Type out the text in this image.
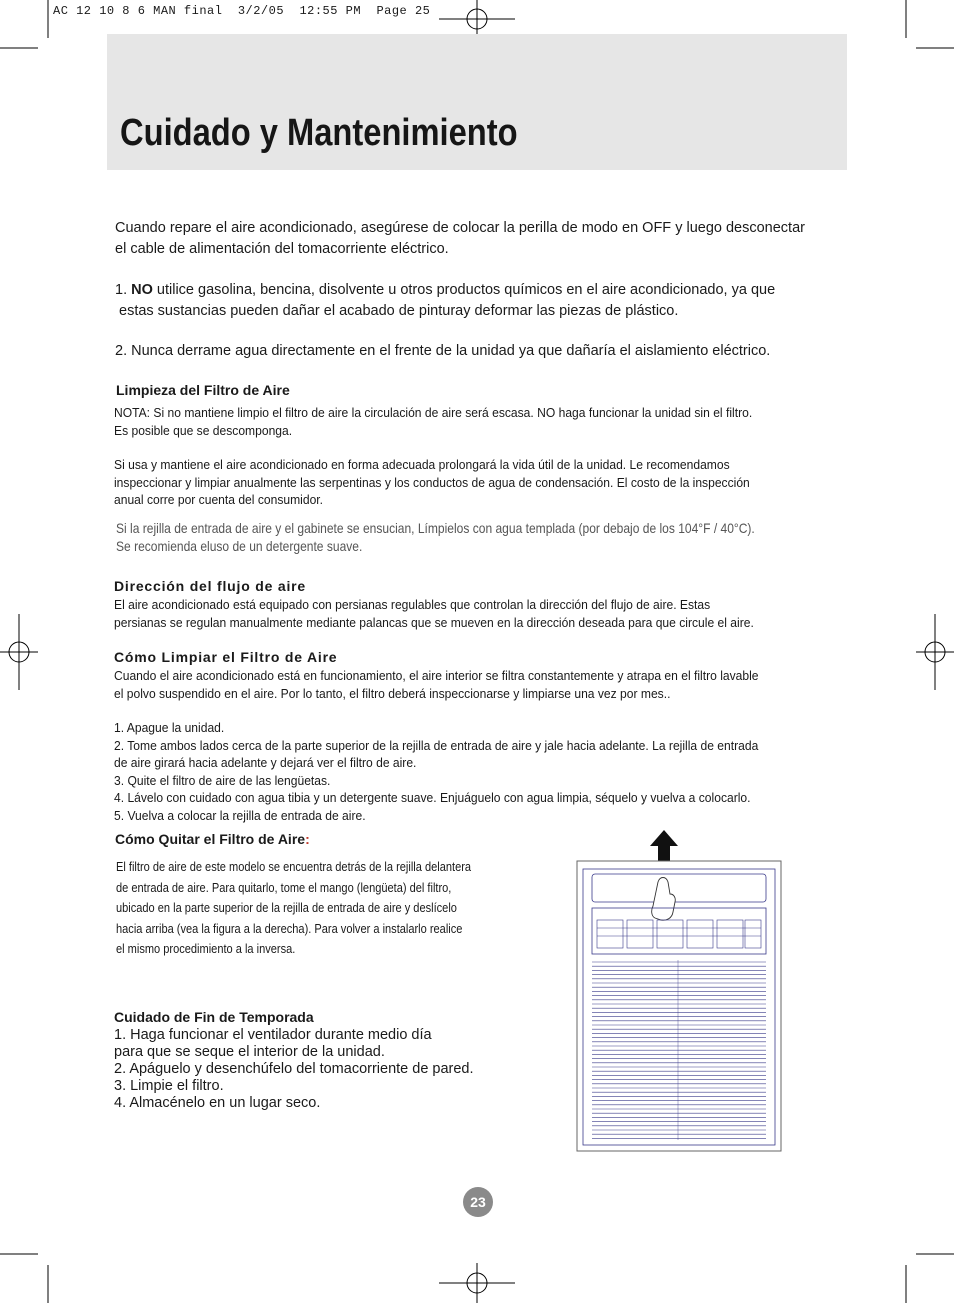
AC 12 10 8 6 MAN final  3/2/05  12:55 PM  Page 25
Cuidado y Mantenimiento
Cuando repare el aire acondicionado, asegúrese de colocar la perilla de modo en OFF y luego desconectar
el cable de alimentación del tomacorriente eléctrico.
1. NO utilice gasolina, bencina, disolvente u otros productos químicos en el aire acondicionado, ya que
estas sustancias pueden dañar el acabado de pinturay deformar las piezas de plástico.
2. Nunca derrame agua directamente en el frente de la unidad ya que dañaría el aislamiento eléctrico.
Limpieza del Filtro de Aire
NOTA: Si no mantiene limpio el filtro de aire la circulación de aire será escasa. NO haga funcionar la unidad sin el filtro.
Es posible que se descomponga.
Si usa y mantiene el aire acondicionado en forma adecuada prolongará la vida útil de la unidad. Le recomendamos
inspeccionar y limpiar anualmente las serpentinas y los conductos de agua de condensación. El costo de la inspección
anual corre por cuenta del consumidor.
Si la rejilla de entrada de aire y el gabinete se ensucian, Límpielos con agua templada (por debajo de los 104°F / 40°C).
Se recomienda eluso de un detergente suave.
Dirección del flujo de aire
El aire acondicionado está equipado con persianas regulables que controlan la dirección del flujo de aire. Estas
persianas se regulan manualmente mediante palancas que se mueven en la dirección deseada para que circule el aire.
Cómo Limpiar el Filtro de Aire
Cuando el aire acondicionado está en funcionamiento, el aire interior se filtra constantemente y atrapa en el filtro lavable
el polvo suspendido en el aire. Por lo tanto, el filtro deberá inspeccionarse y limpiarse una vez por mes..
1. Apague la unidad.
2. Tome ambos lados cerca de la parte superior de la rejilla de entrada de aire y jale hacia adelante. La rejilla de entrada
de aire girará hacia adelante y dejará ver el filtro de aire.
3. Quite el filtro de aire de las lengüetas.
4. Lávelo con cuidado con agua tibia y un detergente suave. Enjuáguelo con agua limpia, séquelo y vuelva a colocarlo.
5. Vuelva a colocar la rejilla de entrada de aire.
Cómo Quitar el Filtro de Aire:
El filtro de aire de este modelo se encuentra detrás de la rejilla delantera
de entrada de aire. Para quitarlo, tome el mango (lengüeta) del filtro,
ubicado en la parte superior de la rejilla de entrada de aire y deslícelo
hacia arriba (vea la figura a la derecha). Para volver a instalarlo realice
el mismo procedimiento a la inversa.
Cuidado de Fin de Temporada
1. Haga funcionar el ventilador durante medio día
para que se seque el interior de la unidad.
2. Apáguelo y desenchúfelo del tomacorriente de pared.
3. Limpie el filtro.
4. Almacénelo en un lugar seco.
23
